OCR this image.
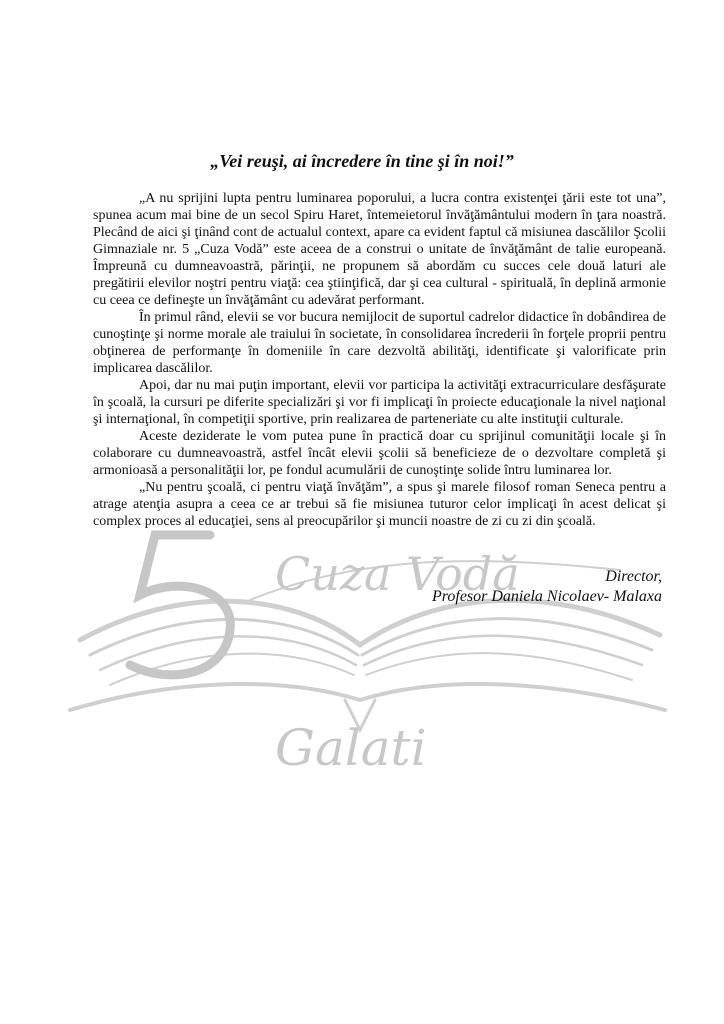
Cuza Vodă
Galati
„Vei reuşi, ai încredere în tine şi în noi!”

„A nu sprijini lupta pentru luminarea poporului, a lucra contra existenţei ţării este tot una”, spunea acum mai bine de un secol Spiru Haret, întemeietorul învăţământului modern în ţara noastră. Plecând de aici şi ţinând cont de actualul context, apare ca evident faptul că misiunea dascălilor Şcolii Gimnaziale nr. 5 „Cuza Vodă” este aceea de a construi o unitate de învăţământ de talie europeană. Împreună cu dumneavoastră, părinţii, ne propunem să abordăm cu succes cele două laturi ale pregătirii elevilor noştri pentru viaţă: cea ştiinţifică, dar şi cea cultural - spirituală, în deplină armonie cu ceea ce defineşte un învăţământ cu adevărat performant.

În primul rând, elevii se vor bucura nemijlocit de suportul cadrelor didactice în dobândirea de cunoştinţe şi norme morale ale traiului în societate, în consolidarea încrederii în forţele proprii pentru obţinerea de performanţe în domeniile în care dezvoltă abilităţi, identificate şi valorificate prin implicarea dascălilor.

Apoi, dar nu mai puţin important, elevii vor participa la activităţi extracurriculare desfăşurate în şcoală, la cursuri pe diferite specializări şi vor fi implicaţi în proiecte educaţionale la nivel naţional şi internaţional, în competiţii sportive, prin realizarea de parteneriate cu alte instituţii culturale.

Aceste deziderate le vom putea pune în practică doar cu sprijinul comunităţii locale şi în colaborare cu dumneavoastră, astfel încât elevii şcolii să beneficieze de o dezvoltare completă şi armonioasă a personalităţii lor, pe fondul acumulării de cunoştinţe solide întru luminarea lor.

„Nu pentru şcoală, ci pentru viaţă învăţăm”, a spus şi marele filosof roman Seneca pentru a atrage atenţia asupra a ceea ce ar trebui să fie misiunea tuturor celor implicaţi în acest delicat şi complex proces al educaţiei, sens al preocupărilor şi muncii noastre de zi cu zi din şcoală.

Director,
Profesor Daniela Nicolaev- Malaxa
